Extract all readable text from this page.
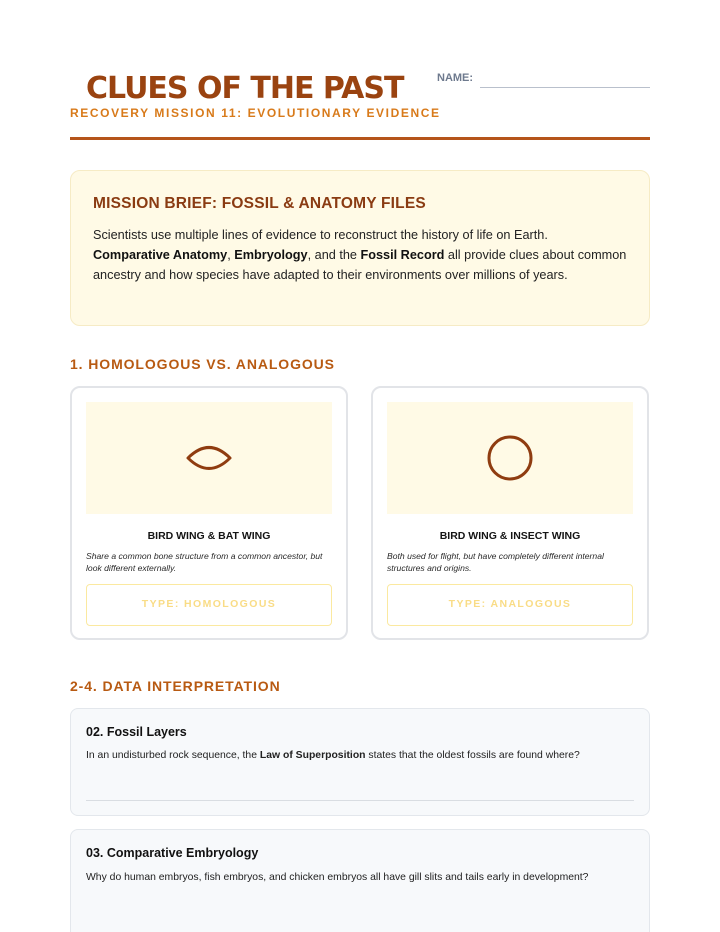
CLUES OF THE PAST	NAME:
RECOVERY MISSION 11: EVOLUTIONARY EVIDENCE
MISSION BRIEF: FOSSIL & ANATOMY FILES
Scientists use multiple lines of evidence to reconstruct the history of life on Earth.
Comparative Anatomy, Embryology, and the Fossil Record all provide clues about common ancestry and how species have adapted to their environments over millions of years.
1. HOMOLOGOUS VS. ANALOGOUS
BIRD WING & BAT WING
Share a common bone structure from a common ancestor, but look different externally.
TYPE: HOMOLOGOUS
BIRD WING & INSECT WING
Both used for flight, but have completely different internal structures and origins.
TYPE: ANALOGOUS
2-4. DATA INTERPRETATION
02. Fossil Layers
In an undisturbed rock sequence, the Law of Superposition states that the oldest fossils are found where?
03. Comparative Embryology
Why do human embryos, fish embryos, and chicken embryos all have gill slits and tails early in development?
